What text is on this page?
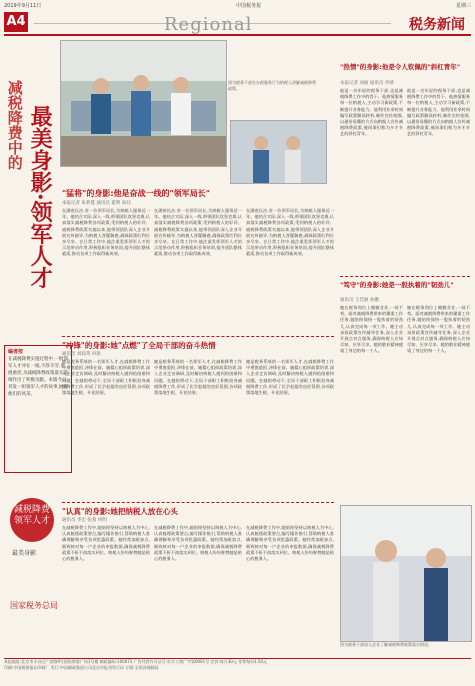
2019年9月11日	中国税务报	星期三
A4	Regional	税务新闻
减税降费中的 最美身影·领军人才
编者按
在减税降费实施过程中,一批领军人才冲在一线,不辞辛劳,勇挑重担,为减税降费政策落实落细作出了积极贡献。本版今日刊发一组领军人才的故事,展现他们的风采。
减税降费 领军人才
最美身影
国家税务总局
图为税务干部在办税服务厅为纳税人讲解减税降费政策。
"猛将"的身影:他是奋战一线的"领军局长"
本报记者 朱萝蔓 通讯员 翟明 尚珏
在湖南长沙,有一位领军局长,为纳税人服务近一年。他结合实际,深入一线,带领团队攻坚克难,认真落实减税降费各项政策,受到纳税人的好评。减税降费政策实施以来,他带领团队深入企业开展宣传辅导,为纳税人答疑解惑,确保政策红利应享尽享。在日常工作中,他注重发挥领军人才的示范带动作用,积极组织业务培训,提升团队整体素质,推动各项工作取得新成效。
在湖南长沙,有一位领军局长,为纳税人服务近一年。他结合实际,深入一线,带领团队攻坚克难,认真落实减税降费各项政策,受到纳税人的好评。减税降费政策实施以来,他带领团队深入企业开展宣传辅导,为纳税人答疑解惑,确保政策红利应享尽享。在日常工作中,他注重发挥领军人才的示范带动作用,积极组织业务培训,提升团队整体素质,推动各项工作取得新成效。
在湖南长沙,有一位领军局长,为纳税人服务近一年。他结合实际,深入一线,带领团队攻坚克难,认真落实减税降费各项政策,受到纳税人的好评。减税降费政策实施以来,他带领团队深入企业开展宣传辅导,为纳税人答疑解惑,确保政策红利应享尽享。在日常工作中,他注重发挥领军人才的示范带动作用,积极组织业务培训,提升团队整体素质,推动各项工作取得新成效。
"冲锋"的身影:她"点燃"了全局干部的奋斗热情
通讯员 刘琼英 何新
她是税务系统的一名领军人才,在减税降费工作中勇挑重担,冲锋在前。她精心组织政策培训,深入企业走访调研,及时解决纳税人遇到的困难和问题。在她的带动下,全局干部职工积极投身减税降费工作,形成了比学赶超的良好氛围,各项政策落地生根、开花结果。
她是税务系统的一名领军人才,在减税降费工作中勇挑重担,冲锋在前。她精心组织政策培训,深入企业走访调研,及时解决纳税人遇到的困难和问题。在她的带动下,全局干部职工积极投身减税降费工作,形成了比学赶超的良好氛围,各项政策落地生根、开花结果。
她是税务系统的一名领军人才,在减税降费工作中勇挑重担,冲锋在前。她精心组织政策培训,深入企业走访调研,及时解决纳税人遇到的困难和问题。在她的带动下,全局干部职工积极投身减税降费工作,形成了比学赶超的良好氛围,各项政策落地生根、开花结果。
"认真"的身影:她把纳税人放在心头
通讯员 李宏 张燕 何明
在减税降费工作中,她始终坚持以纳税人为中心,认真梳理政策要点,编写操作指引,帮助纳税人准确理解和享受各项优惠政策。她经常加班加点,细致核对每一户企业的申报数据,确保减税降费政策不折不扣落实到位。纳税人纷纷称赞她是贴心的税务人。
在减税降费工作中,她始终坚持以纳税人为中心,认真梳理政策要点,编写操作指引,帮助纳税人准确理解和享受各项优惠政策。她经常加班加点,细致核对每一户企业的申报数据,确保减税降费政策不折不扣落实到位。纳税人纷纷称赞她是贴心的税务人。
在减税降费工作中,她始终坚持以纳税人为中心,认真梳理政策要点,编写操作指引,帮助纳税人准确理解和享受各项优惠政策。她经常加班加点,细致核对每一户企业的申报数据,确保减税降费政策不折不扣落实到位。纳税人纷纷称赞她是贴心的税务人。
"热情"的身影:他是令人钦佩的"斜杠青年"
本报记者 刘丽 通讯员 李婧
他是一名年轻的税务干部,也是减税降费工作中的骨干。他热情服务每一位纳税人,主动学习新政策,不断提升业务能力。他利用业余时间编写政策解读材料,制作宣传视频,以通俗易懂的方式向纳税人宣传减税降费政策,被同事们称为多才多艺的斜杠青年。
他是一名年轻的税务干部,也是减税降费工作中的骨干。他热情服务每一位纳税人,主动学习新政策,不断提升业务能力。他利用业余时间编写政策解读材料,制作宣传视频,以通俗易懂的方式向纳税人宣传减税降费政策,被同事们称为多才多艺的斜杠青年。
"笃守"的身影:她是一股执着的"韧劲儿"
通讯员 王佳丽 孙鹏
她在税务岗位上兢兢业业,一丝不苟。面对减税降费带来的繁重工作任务,她始终保持一股执着的韧劲儿,认真完成每一项工作。她主动承担政策宣传辅导任务,深入企业开展点对点服务,确保纳税人应知尽知、应享尽享。她的敬业精神感染了身边的每一个人。
她在税务岗位上兢兢业业,一丝不苟。面对减税降费带来的繁重工作任务,她始终保持一股执着的韧劲儿,认真完成每一项工作。她主动承担政策宣传辅导任务,深入企业开展点对点服务,确保纳税人应知尽知、应享尽享。她的敬业精神感染了身边的每一个人。
图为税务干部深入企业了解减税降费政策落实情况。
本报地址:北京市丰台区广安路9号国投财富广场1号楼 邮政编码:100073 广告经营许可证号:京丰工商广字第0001号 定价:每月30元 零售每份1.50元
印刷:中国税务报社印刷厂 发行:中国邮政集团公司北京市报刊发行局 订阅:全国各地邮局
